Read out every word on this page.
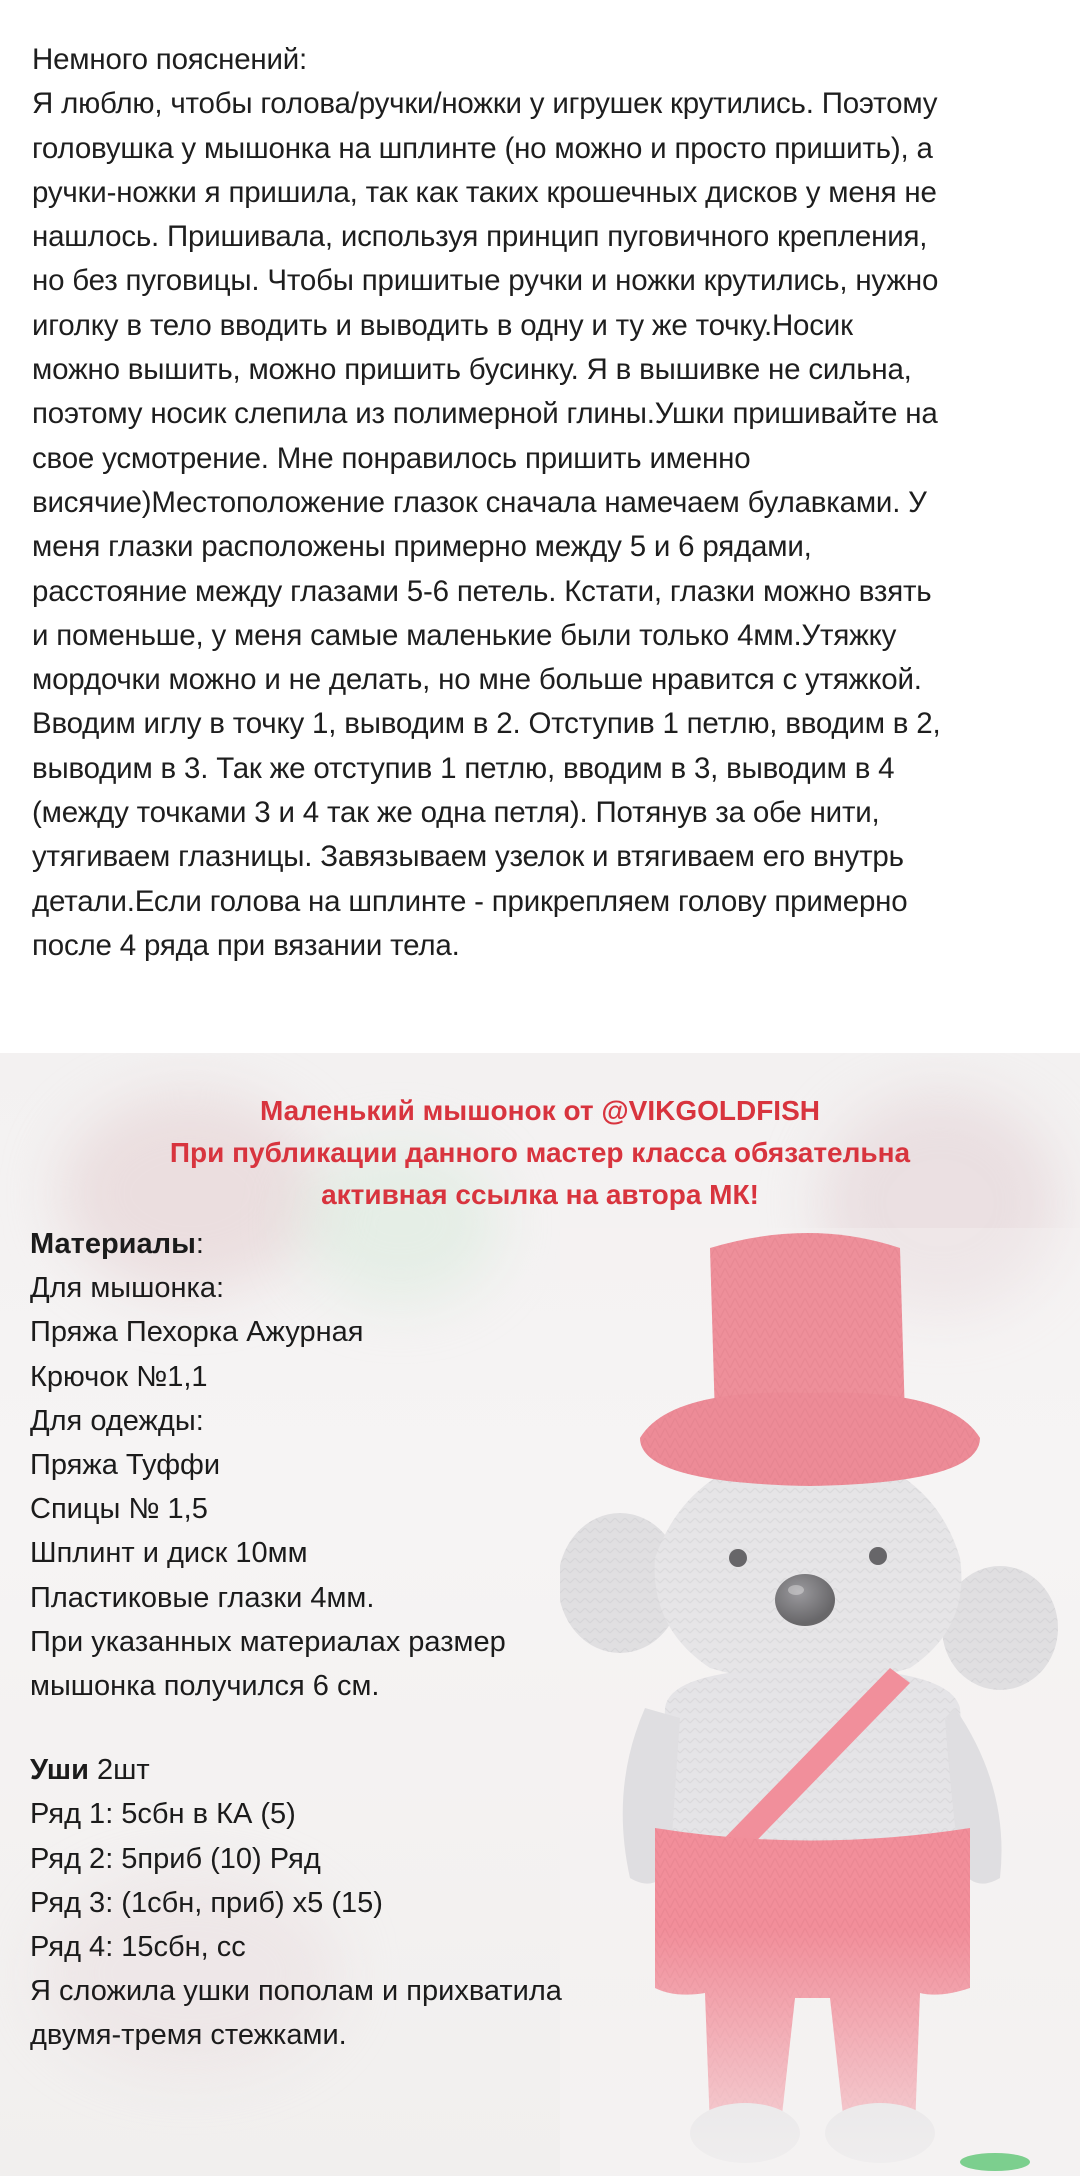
Немного пояснений:

Я люблю, чтобы голова/ручки/ножки у игрушек крутились. Поэтому

головушка у мышонка на шплинте (но можно и просто пришить), а

ручки-ножки я пришила, так как таких крошечных дисков у меня не

нашлось. Пришивала, используя принцип пуговичного крепления,

но без пуговицы. Чтобы пришитые ручки и ножки крутились, нужно

иголку в тело вводить и выводить в одну и ту же точку.Носик

можно вышить, можно пришить бусинку. Я в вышивке не сильна,

поэтому носик слепила из полимерной глины.Ушки пришивайте на

свое усмотрение. Мне понравилось пришить именно

висячие)Местоположение глазок сначала намечаем булавками. У

меня глазки расположены примерно между 5 и 6 рядами,

расстояние между глазами 5-6 петель. Кстати, глазки можно взять

и поменьше, у меня самые маленькие были только 4мм.Утяжку

мордочки можно и не делать, но мне больше нравится с утяжкой.

Вводим иглу в точку 1, выводим в 2. Отступив 1 петлю, вводим в 2,

выводим в 3. Так же отступив 1 петлю, вводим в 3, выводим в 4

(между точками 3 и 4 так же одна петля). Потянув за обе нити,

утягиваем глазницы. Завязываем узелок и втягиваем его внутрь

детали.Если голова на шплинте - прикрепляем голову примерно

после 4 ряда при вязании тела.

Маленький мышонок от @VIKGOLDFISH
При публикации данного мастер класса обязательна
активная ссылка на автора МК!
Материалы:
Для мышонка:
Пряжа Пехорка Ажурная
Крючок №1,1
Для одежды:
Пряжа Туффи
Спицы № 1,5
Шплинт и диск 10мм
Пластиковые глазки 4мм.
При указанных материалах размер
мышонка получился 6 см.
Уши 2шт
Ряд 1: 5сбн в КА (5)
Ряд 2: 5приб (10) Ряд
Ряд 3: (1сбн, приб) x5 (15)
Ряд 4: 15сбн, сс
Я сложила ушки пополам и прихватила
двумя-тремя стежками.
